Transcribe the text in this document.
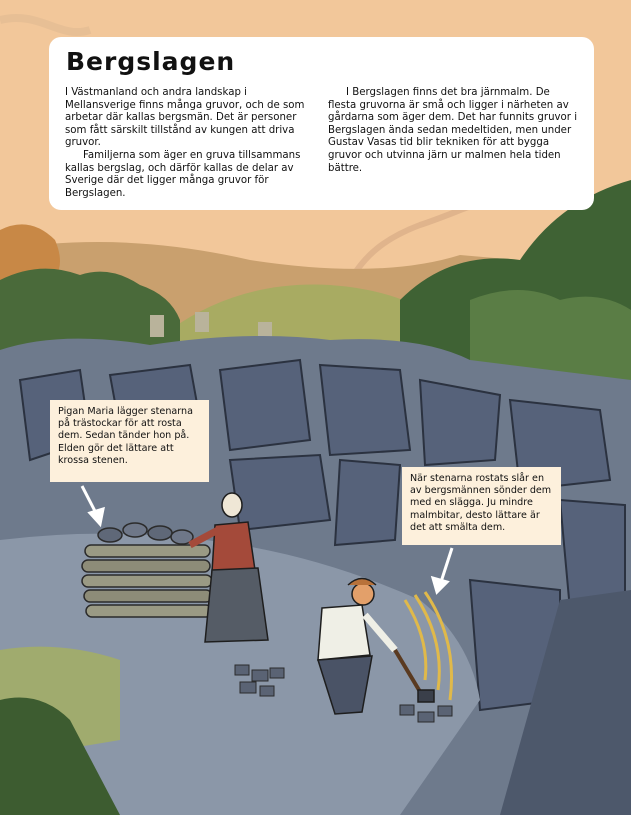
Bergslagen

I Västmanland och andra landskap i Mellansverige finns många gruvor, och de som arbetar där kallas bergsmän. Det är personer som fått särskilt tillstånd av kungen att driva gruvor.

Familjerna som äger en gruva tillsammans kallas bergslag, och därför kallas de delar av Sverige där det ligger många gruvor för Bergslagen.

I Bergslagen finns det bra järnmalm. De flesta gruvorna är små och ligger i närheten av gårdarna som äger dem. Det har funnits gruvor i Bergslagen ända sedan medeltiden, men under Gustav Vasas tid blir tekniken för att bygga gruvor och utvinna järn ur malmen hela tiden bättre.

Pigan Maria lägger stenarna på trästockar för att rosta dem. Sedan tänder hon på. Elden gör det lättare att krossa stenen.
När stenarna rostats slår en av bergsmännen sönder dem med en slägga. Ju mindre malmbitar, desto lättare är det att smälta dem.
